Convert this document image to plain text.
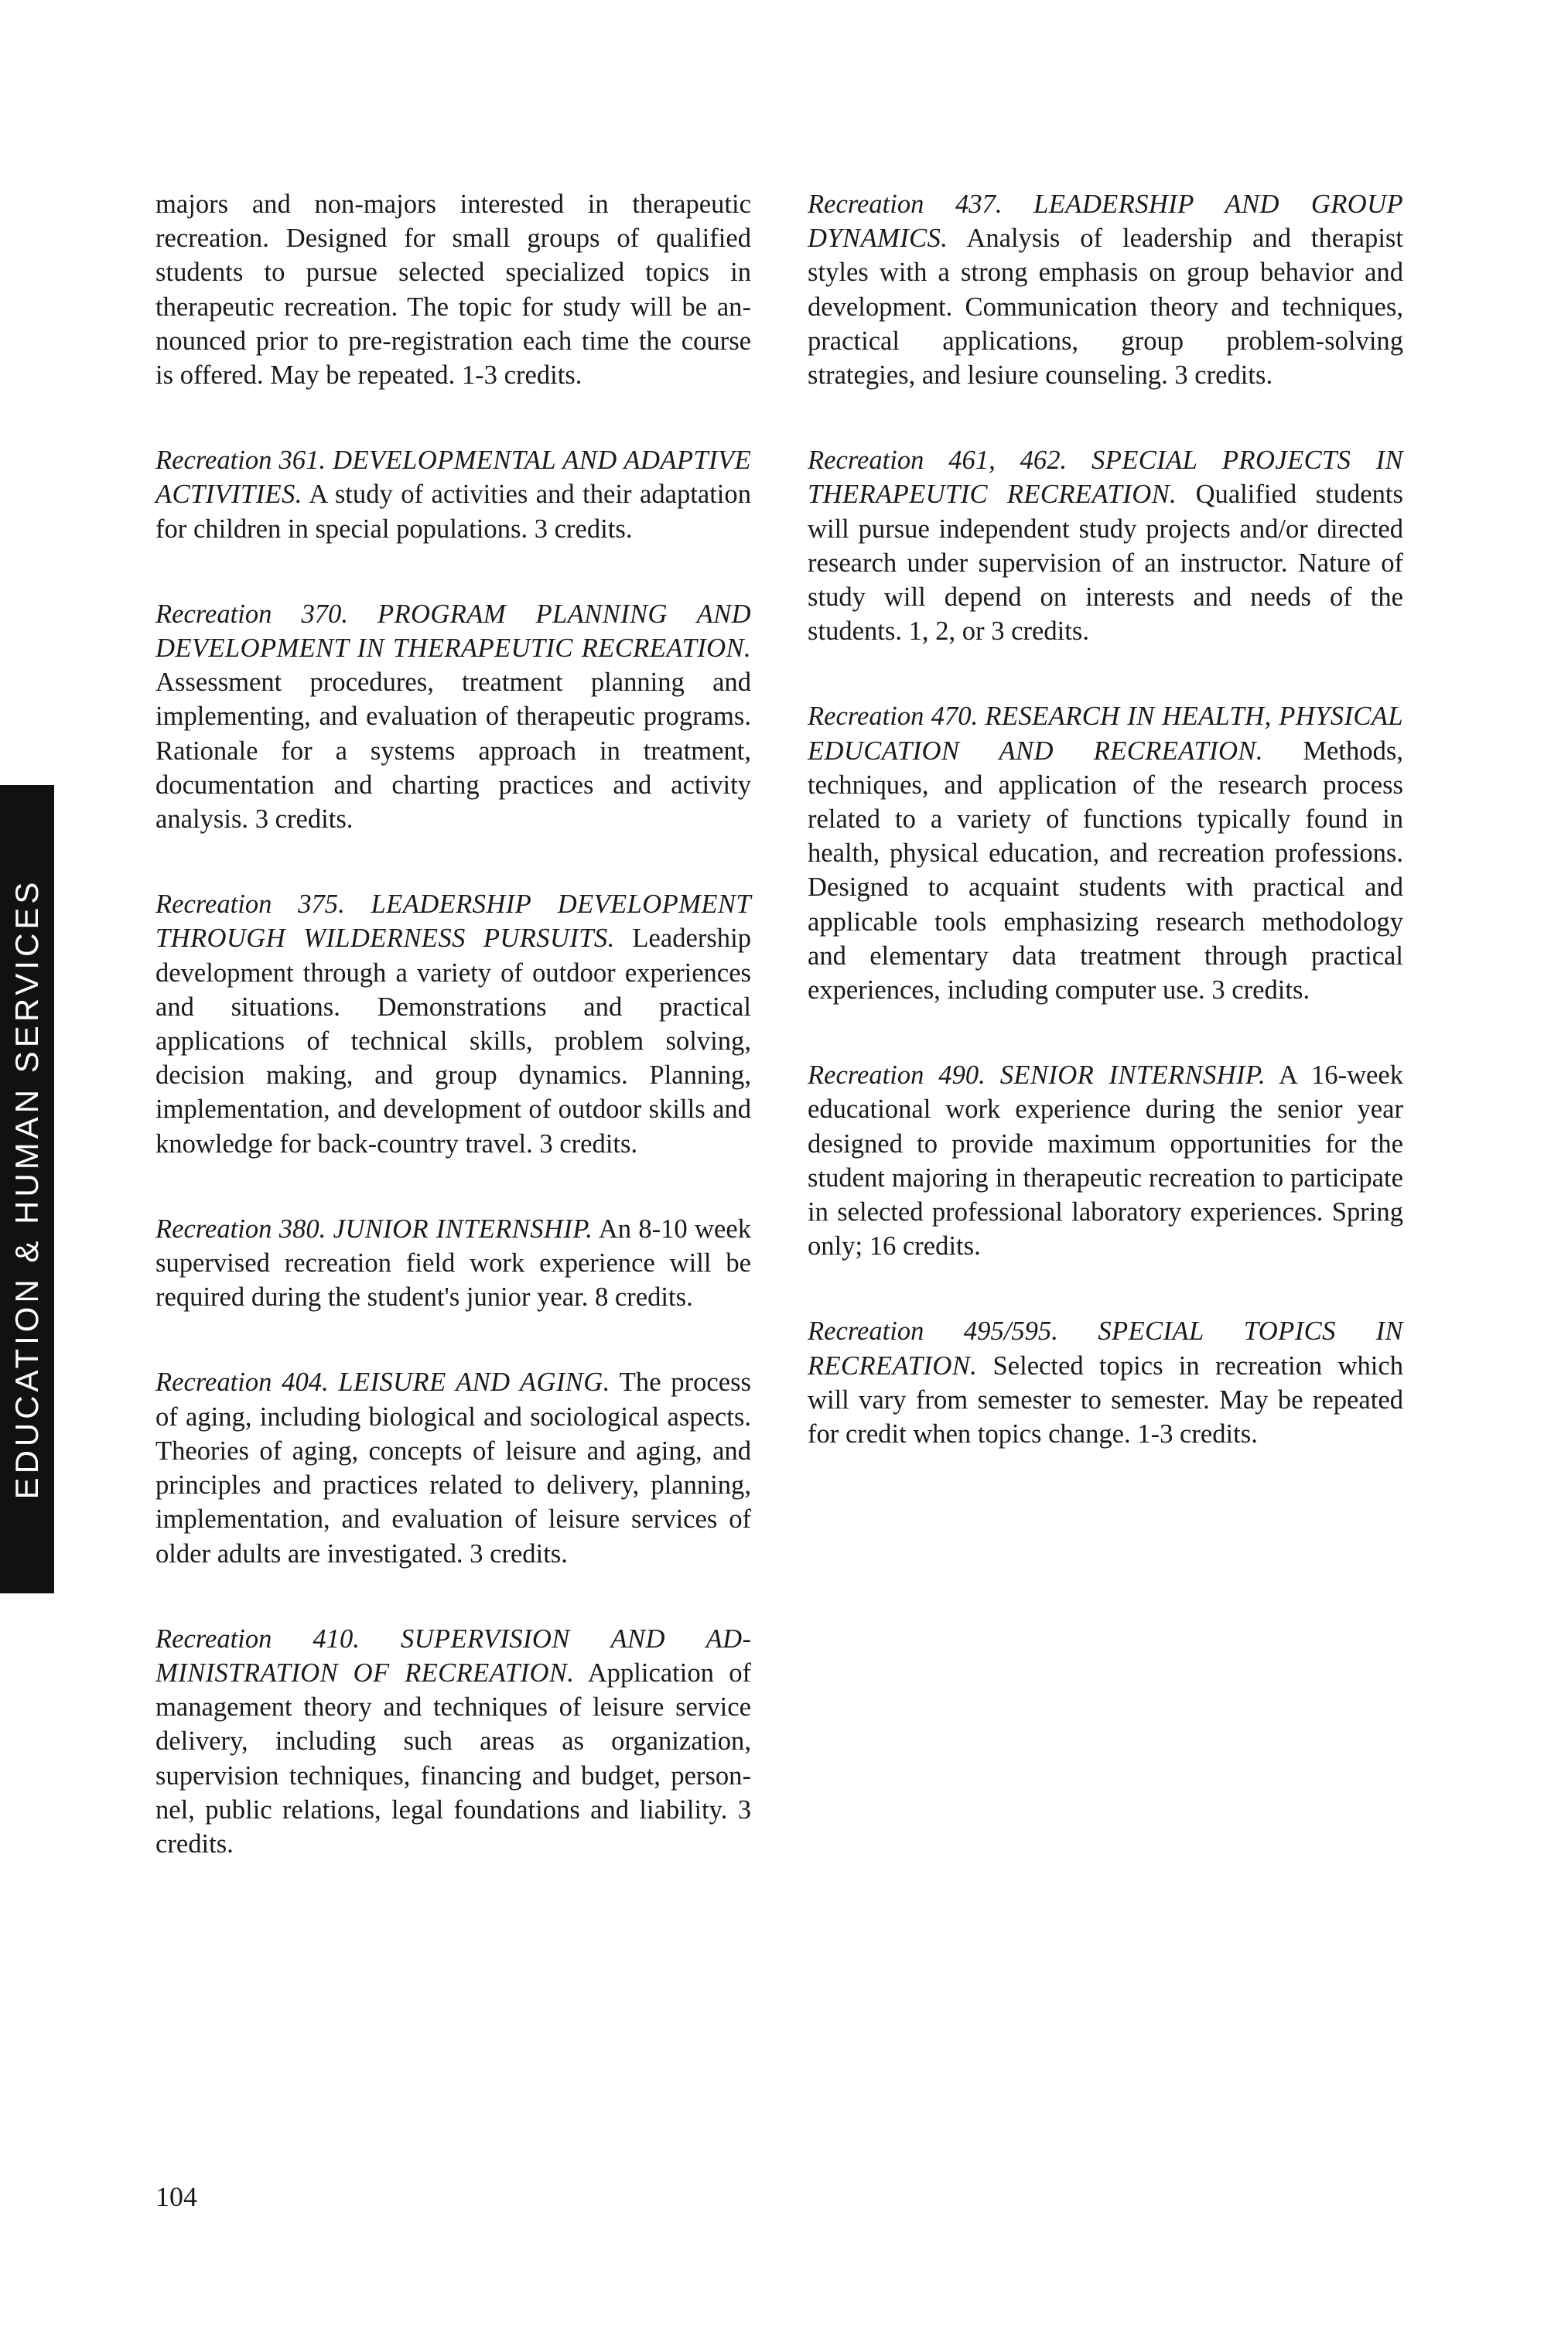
EDUCATION & HUMAN SERVICES

majors and non-majors interested in therapeutic recreation. Designed for small groups of qualified students to pursue selected specialized topics in therapeutic recreation. The topic for study will be announced prior to pre-registration each time the course is offered. May be repeated. 1-3 credits.

Recreation 361. DEVELOPMENTAL AND ADAPTIVE ACTIVITIES. A study of activities and their adaptation for children in special populations. 3 credits.

Recreation 370. PROGRAM PLANNING AND DEVELOPMENT IN THERAPEUTIC RECREATION. Assessment procedures, treatment planning and implementing, and evaluation of therapeutic programs. Rationale for a systems approach in treatment, documentation and charting practices and activity analysis. 3 credits.

Recreation 375. LEADERSHIP DEVELOPMENT THROUGH WILDERNESS PURSUITS. Leadership development through a variety of outdoor experiences and situations. Demonstrations and practical applications of technical skills, problem solving, decision making, and group dynamics. Planning, implementation, and development of outdoor skills and knowledge for back-country travel. 3 credits.

Recreation 380. JUNIOR INTERNSHIP. An 8-10 week supervised recreation field work experience will be required during the student's junior year. 8 credits.

Recreation 404. LEISURE AND AGING. The process of aging, including biological and sociological aspects. Theories of aging, concepts of leisure and aging, and principles and practices related to delivery, planning, implementation, and evaluation of leisure services of older adults are investigated. 3 credits.

Recreation 410. SUPERVISION AND ADMINISTRATION OF RECREATION. Application of management theory and techniques of leisure service delivery, including such areas as organization, supervision techniques, financing and budget, personnel, public relations, legal foundations and liability. 3 credits.

Recreation 437. LEADERSHIP AND GROUP DYNAMICS. Analysis of leadership and therapist styles with a strong emphasis on group behavior and development. Communication theory and techniques, practical applications, group problem-solving strategies, and lesiure counseling. 3 credits.

Recreation 461, 462. SPECIAL PROJECTS IN THERAPEUTIC RECREATION. Qualified students will pursue independent study projects and/or directed research under supervision of an instructor. Nature of study will depend on interests and needs of the students. 1, 2, or 3 credits.

Recreation 470. RESEARCH IN HEALTH, PHYSICAL EDUCATION AND RECREATION. Methods, techniques, and application of the research process related to a variety of functions typically found in health, physical education, and recreation professions. Designed to acquaint students with practical and applicable tools emphasizing research methodology and elementary data treatment through practical experiences, including computer use. 3 credits.

Recreation 490. SENIOR INTERNSHIP. A 16-week educational work experience during the senior year designed to provide maximum opportunities for the student majoring in therapeutic recreation to participate in selected professional laboratory experiences. Spring only; 16 credits.

Recreation 495/595. SPECIAL TOPICS IN RECREATION. Selected topics in recreation which will vary from semester to semester. May be repeated for credit when topics change. 1-3 credits.

104
